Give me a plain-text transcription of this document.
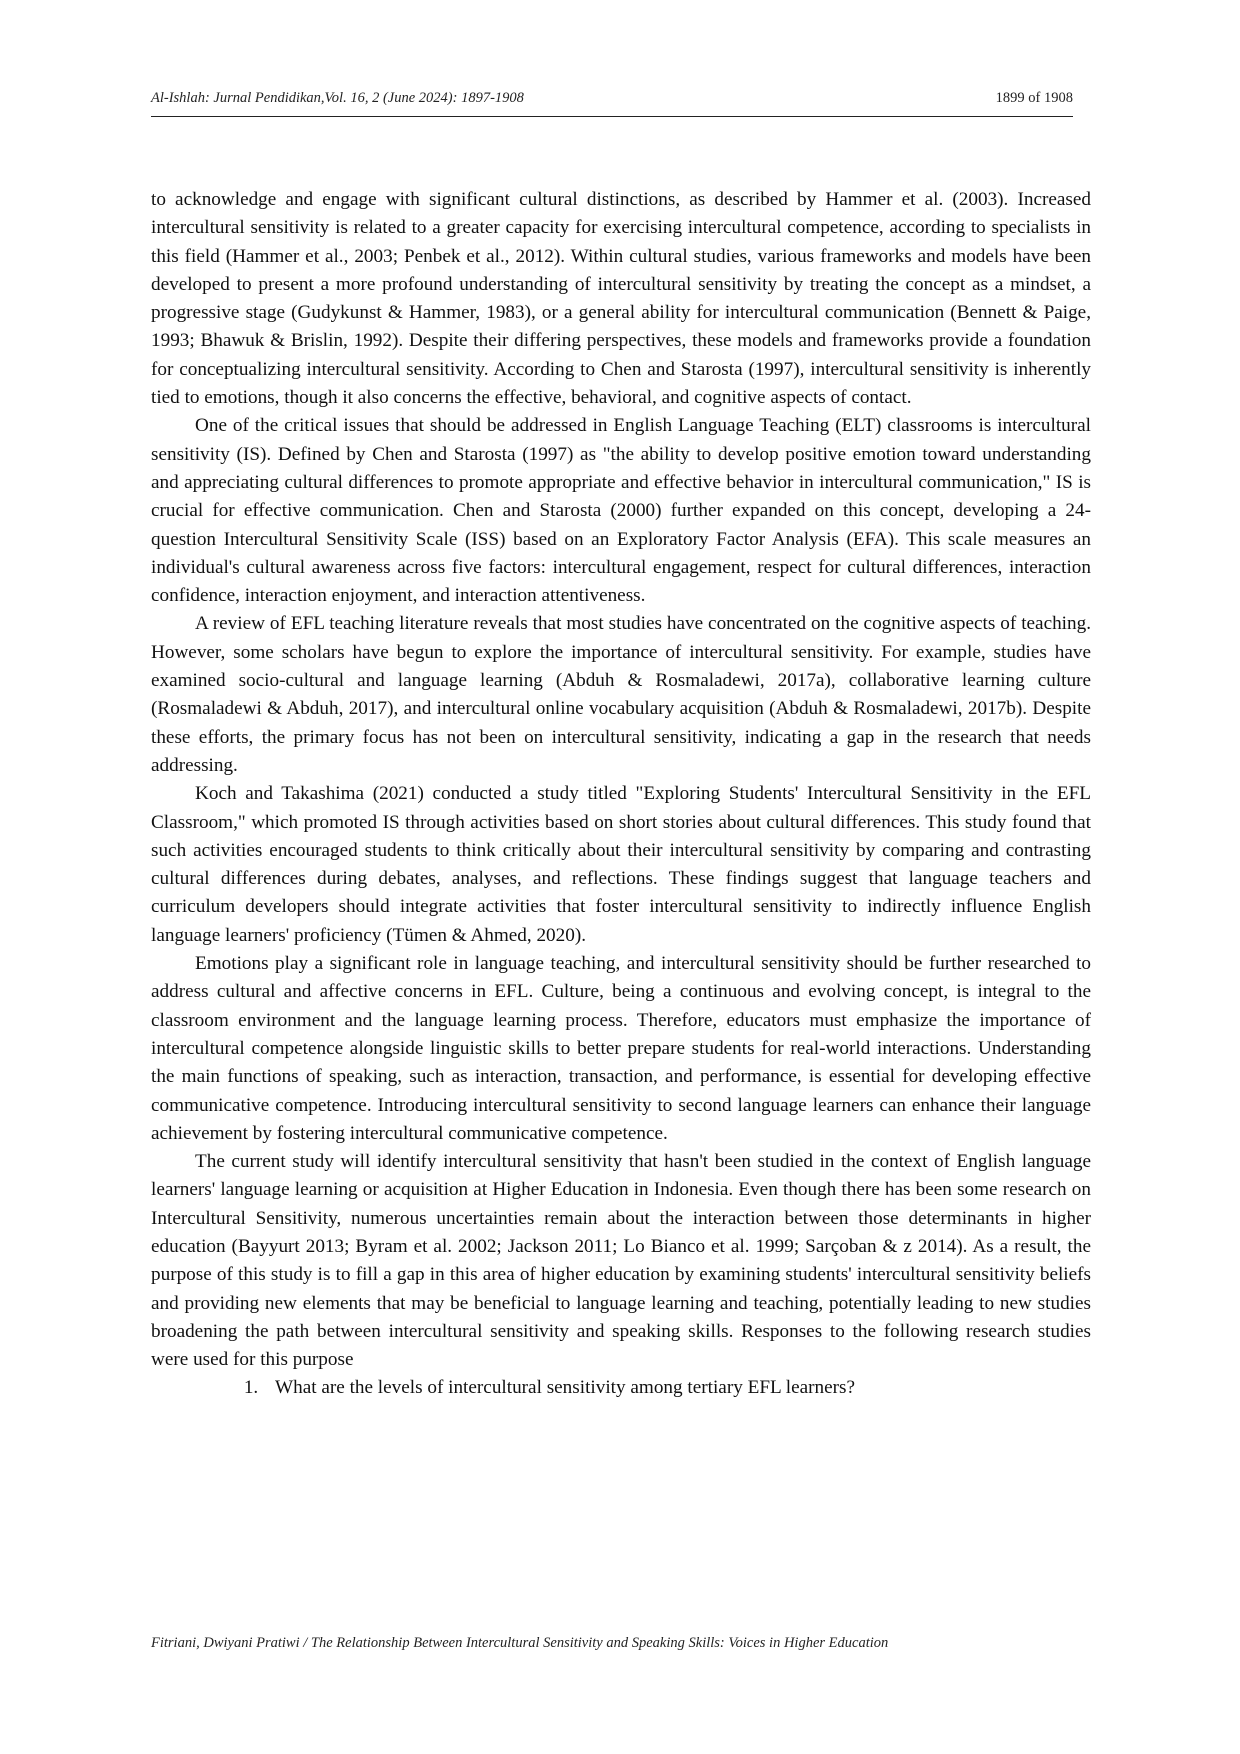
Al-Ishlah: Jurnal Pendidikan,Vol. 16, 2 (June 2024): 1897-1908	1899 of 1908

to acknowledge and engage with significant cultural distinctions, as described by Hammer et al. (2003). Increased intercultural sensitivity is related to a greater capacity for exercising intercultural competence, according to specialists in this field (Hammer et al., 2003; Penbek et al., 2012). Within cultural studies, various frameworks and models have been developed to present a more profound understanding of intercultural sensitivity by treating the concept as a mindset, a progressive stage (Gudykunst & Hammer, 1983), or a general ability for intercultural communication (Bennett & Paige, 1993; Bhawuk & Brislin, 1992). Despite their differing perspectives, these models and frameworks provide a foundation for conceptualizing intercultural sensitivity. According to Chen and Starosta (1997), intercultural sensitivity is inherently tied to emotions, though it also concerns the effective, behavioral, and cognitive aspects of contact.

One of the critical issues that should be addressed in English Language Teaching (ELT) classrooms is intercultural sensitivity (IS). Defined by Chen and Starosta (1997) as "the ability to develop positive emotion toward understanding and appreciating cultural differences to promote appropriate and effective behavior in intercultural communication," IS is crucial for effective communication. Chen and Starosta (2000) further expanded on this concept, developing a 24-question Intercultural Sensitivity Scale (ISS) based on an Exploratory Factor Analysis (EFA). This scale measures an individual's cultural awareness across five factors: intercultural engagement, respect for cultural differences, interaction confidence, interaction enjoyment, and interaction attentiveness.

A review of EFL teaching literature reveals that most studies have concentrated on the cognitive aspects of teaching. However, some scholars have begun to explore the importance of intercultural sensitivity. For example, studies have examined socio-cultural and language learning (Abduh & Rosmaladewi, 2017a), collaborative learning culture (Rosmaladewi & Abduh, 2017), and intercultural online vocabulary acquisition (Abduh & Rosmaladewi, 2017b). Despite these efforts, the primary focus has not been on intercultural sensitivity, indicating a gap in the research that needs addressing.

Koch and Takashima (2021) conducted a study titled "Exploring Students' Intercultural Sensitivity in the EFL Classroom," which promoted IS through activities based on short stories about cultural differences. This study found that such activities encouraged students to think critically about their intercultural sensitivity by comparing and contrasting cultural differences during debates, analyses, and reflections. These findings suggest that language teachers and curriculum developers should integrate activities that foster intercultural sensitivity to indirectly influence English language learners' proficiency (Tümen & Ahmed, 2020).

Emotions play a significant role in language teaching, and intercultural sensitivity should be further researched to address cultural and affective concerns in EFL. Culture, being a continuous and evolving concept, is integral to the classroom environment and the language learning process. Therefore, educators must emphasize the importance of intercultural competence alongside linguistic skills to better prepare students for real-world interactions. Understanding the main functions of speaking, such as interaction, transaction, and performance, is essential for developing effective communicative competence. Introducing intercultural sensitivity to second language learners can enhance their language achievement by fostering intercultural communicative competence.

The current study will identify intercultural sensitivity that hasn't been studied in the context of English language learners' language learning or acquisition at Higher Education in Indonesia. Even though there has been some research on Intercultural Sensitivity, numerous uncertainties remain about the interaction between those determinants in higher education (Bayyurt 2013; Byram et al. 2002; Jackson 2011; Lo Bianco et al. 1999; Sarçoban & z 2014). As a result, the purpose of this study is to fill a gap in this area of higher education by examining students' intercultural sensitivity beliefs and providing new elements that may be beneficial to language learning and teaching, potentially leading to new studies broadening the path between intercultural sensitivity and speaking skills. Responses to the following research studies were used for this purpose

1. What are the levels of intercultural sensitivity among tertiary EFL learners?
Fitriani, Dwiyani Pratiwi / The Relationship Between Intercultural Sensitivity and Speaking Skills: Voices in Higher Education
